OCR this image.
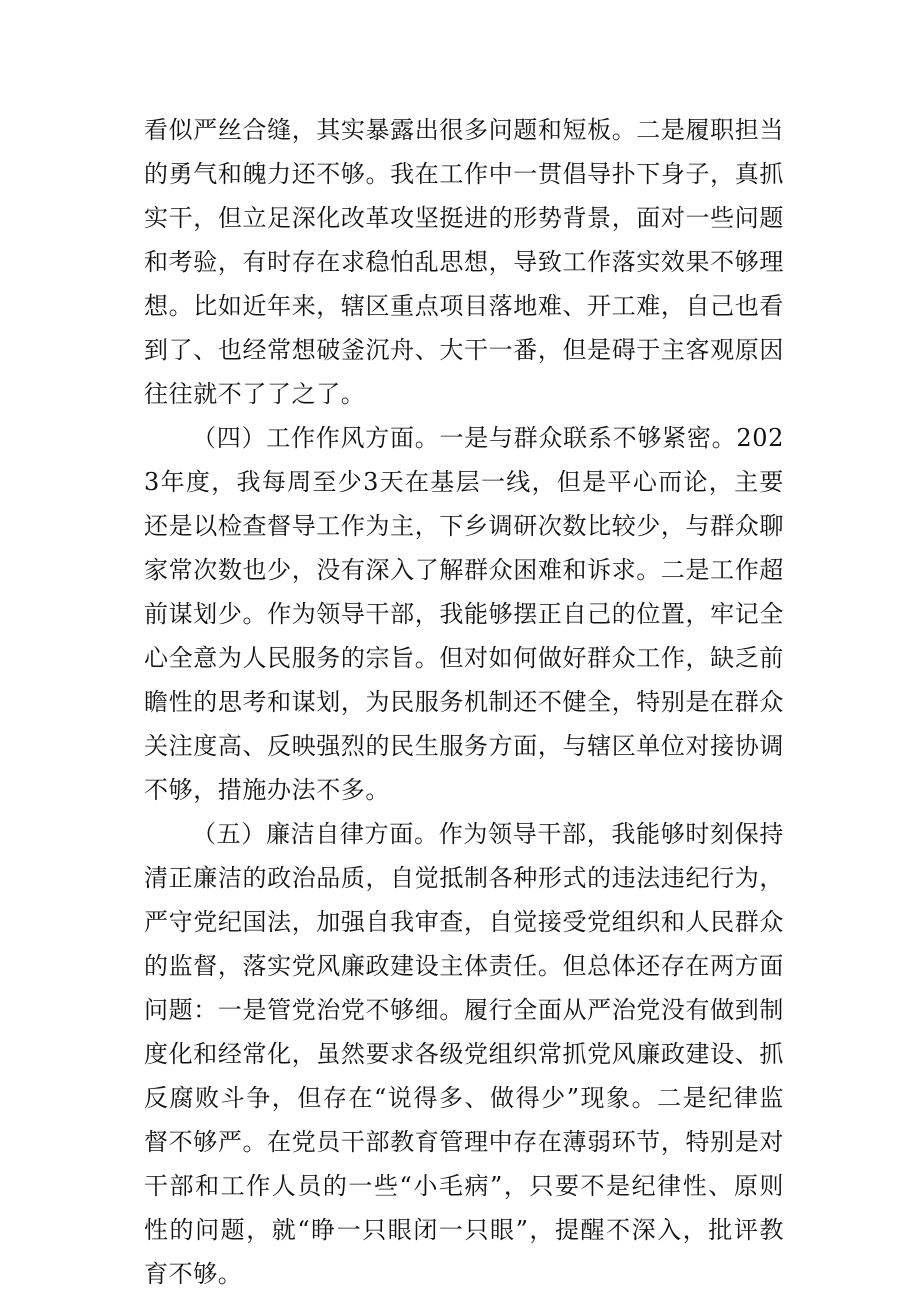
看似严丝合缝，其实暴露出很多问题和短板。二是履职担当的勇气和魄力还不够。我在工作中一贯倡导扑下身子，真抓实干，但立足深化改革攻坚挺进的形势背景，面对一些问题和考验，有时存在求稳怕乱思想，导致工作落实效果不够理想。比如近年来，辖区重点项目落地难、开工难，自己也看到了、也经常想破釜沉舟、大干一番，但是碍于主客观原因往往就不了了之了。

（四）工作作风方面。一是与群众联系不够紧密。2023年度，我每周至少3天在基层一线，但是平心而论，主要还是以检查督导工作为主，下乡调研次数比较少，与群众聊家常次数也少，没有深入了解群众困难和诉求。二是工作超前谋划少。作为领导干部，我能够摆正自己的位置，牢记全心全意为人民服务的宗旨。但对如何做好群众工作，缺乏前瞻性的思考和谋划，为民服务机制还不健全，特别是在群众关注度高、反映强烈的民生服务方面，与辖区单位对接协调不够，措施办法不多。

（五）廉洁自律方面。作为领导干部，我能够时刻保持清正廉洁的政治品质，自觉抵制各种形式的违法违纪行为，严守党纪国法，加强自我审查，自觉接受党组织和人民群众的监督，落实党风廉政建设主体责任。但总体还存在两方面问题：一是管党治党不够细。履行全面从严治党没有做到制度化和经常化，虽然要求各级党组织常抓党风廉政建设、抓反腐败斗争，但存在“说得多、做得少”现象。二是纪律监督不够严。在党员干部教育管理中存在薄弱环节，特别是对干部和工作人员的一些“小毛病”，只要不是纪律性、原则性的问题，就“睁一只眼闭一只眼”，提醒不深入，批评教育不够。
